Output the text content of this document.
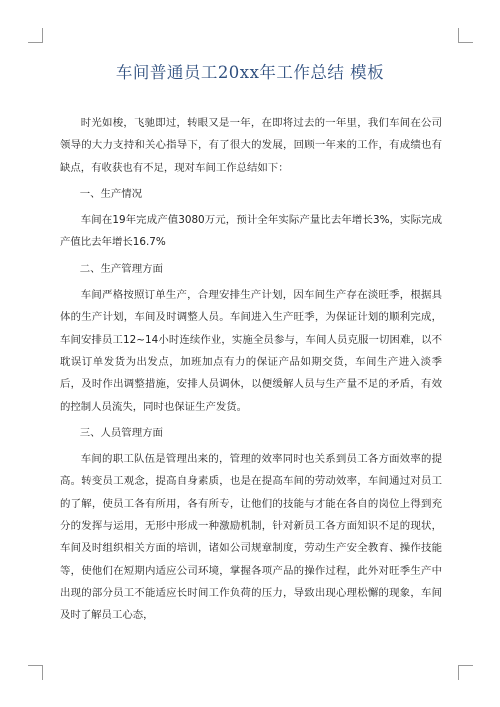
车间普通员工20xx年工作总结 模板

时光如梭，飞驰即过，转眼又是一年，在即将过去的一年里，我们车间在公司领导的大力支持和关心指导下，有了很大的发展，回顾一年来的工作，有成绩也有缺点，有收获也有不足，现对车间工作总结如下：

一、生产情况

车间在19年完成产值3080万元，预计全年实际产量比去年增长3%，实际完成产值比去年增长16.7%

二、生产管理方面

车间严格按照订单生产，合理安排生产计划，因车间生产存在淡旺季，根据具体的生产计划，车间及时调整人员。车间进入生产旺季，为保证计划的顺利完成，车间安排员工12~14小时连续作业，实施全员参与，车间人员克服一切困难，以不耽误订单发货为出发点，加班加点有力的保证产品如期交货，车间生产进入淡季后，及时作出调整措施，安排人员调休，以便缓解人员与生产量不足的矛盾，有效的控制人员流失，同时也保证生产发货。

三、人员管理方面

车间的职工队伍是管理出来的，管理的效率同时也关系到员工各方面效率的提高。转变员工观念，提高自身素质，也是在提高车间的劳动效率，车间通过对员工的了解，使员工各有所用，各有所专，让他们的技能与才能在各自的岗位上得到充分的发挥与运用，无形中形成一种激励机制，针对新员工各方面知识不足的现状，车间及时组织相关方面的培训，诸如公司规章制度，劳动生产安全教育、操作技能等，使他们在短期内适应公司环境，掌握各项产品的操作过程，此外对旺季生产中出现的部分员工不能适应长时间工作负荷的压力，导致出现心理松懈的现象，车间及时了解员工心态，
